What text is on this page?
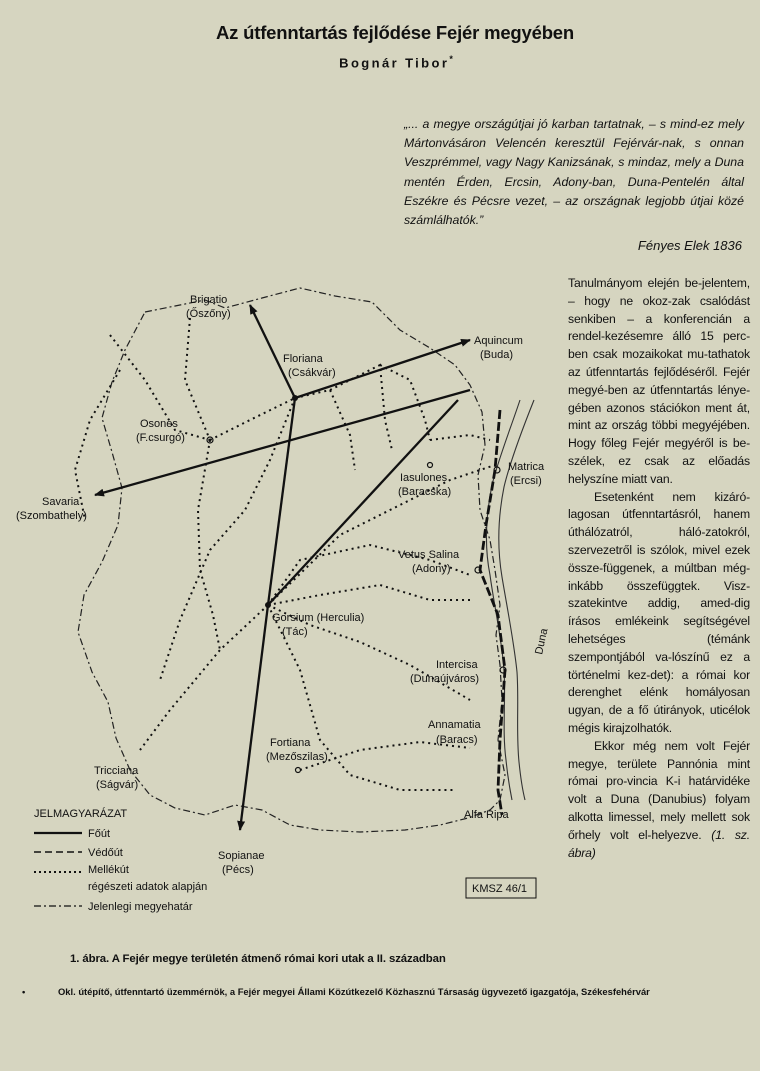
Az útfenntartás fejlődése Fejér megyében
Bognár Tibor*
„... a megye országútjai jó karban tartatnak, – s mind-ez mely Mártonvásáron Velencén keresztül Fejérvár-nak, s onnan Veszprémmel, vagy Nagy Kanizsának, s mindaz, mely a Duna mentén Érden, Ercsin, Adony-ban, Duna-Pentelén által Eszékre és Pécsre vezet, – az országnak legjobb útjai közé számlálhatók.”
Fényes Elek 1836

Tanulmányom elején be-jelentem, – hogy ne okoz-zak csalódást senkiben – a konferencián a rendel-kezésemre álló 15 perc-ben csak mozaikokat mu-tathatok az útfenntartás fejlődéséről. Fejér megyé-ben az útfenntartás lénye-gében azonos stációkon ment át, mint az ország többi megyéjében. Hogy főleg Fejér megyéről is be-szélek, ez csak az előadás helyszíne miatt van.

Esetenként nem kizáró-lagosan útfenntartásról, hanem úthálózatról, háló-zatokról, szervezetről is szólok, mivel ezek össze-függenek, a múltban még-inkább összefüggtek. Visz-szatekintve addig, amed-dig írásos emlékeink segítségével lehetséges (témánk szempontjából va-lószínű ez a történelmi kez-det): a római kor derenghet elénk homályosan ugyan, de a fő útirányok, uticélok mégis kirajzolhatók.

Ekkor még nem volt Fejér megye, területe Pannónia mint római pro-vincia K-i határvidéke volt a Duna (Danubius) folyam alkotta limessel, mely mellett sok őrhely volt el-helyezve. (1. sz. ábra)

Brigatio
(Őszőny)
Floriana
(Csákvár)
Aquincum
(Buda)
Osones
(F.csurgó)
Savaria
(Szombathely)
Iasulones
(Baracska)
Matrica
(Ercsi)
Vetus Salina
(Adony)
Gorsium (Herculia)
(Tác)	Duna
Intercisa
(Dunaújváros)
Annamatia
(Baracs)
Fortiana
(Mezőszilas)
Tricciana
(Ságvár)
Alfa Ripa
Sopianae
(Pécs)
JELMAGYARÁZAT
Főút
Védőút
Mellékút
régészeti adatok alapján
Jelenlegi megyehatár
KMSZ 46/1
1. ábra. A Fejér megye területén átmenő római kori utak a II. században
•	Okl. útépítő, útfenntartó üzemmérnök, a Fejér megyei Állami Közútkezelő Közhasznú Társaság ügyvezető igazgatója, Székesfehérvár
